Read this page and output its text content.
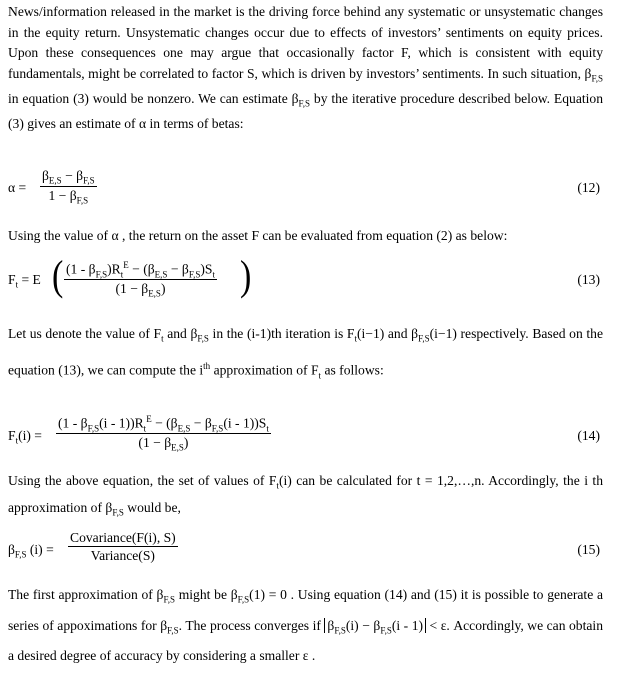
News/information released in the market is the driving force behind any systematic or unsystematic changes in the equity return. Unsystematic changes occur due to effects of investors’ sentiments on equity prices. Upon these consequences one may argue that occasionally factor F, which is consistent with equity fundamentals, might be correlated to factor S, which is driven by investors’ sentiments. In such situation, $\beta_{F,S}$ in equation (3) would be nonzero. We can estimate $\beta_{F,S}$ by the iterative procedure described below. Equation (3) gives an estimate of α in terms of betas:

$\alpha = \frac{\beta_{E,S} - \beta_{F,S}}{1 - \beta_{F,S}}$	(12)

Using the value of α , the return on the asset F can be evaluated from equation (2) as below:

$F_t = E$ ( $(1 - \beta_{F,S})R_t^E - (\beta_{E,S} - \beta_{F,S})S_t$
$(1 - \beta_{E,S})$	)	(13)

Let us denote the value of $F_t$ and $\beta_{F,S}$ in the (i-1)th iteration is $F_t(i-1)$ and $\beta_{F,S}(i-1)$ respectively. Based on the equation (13), we can compute the $i^{th}$ approximation of $F_t$ as follows:

$F_t(i)$ =
$(1 - \beta_{F,S}(i - 1))R_t^E - (\beta_{E,S} - \beta_{F,S}(i - 1))S_t$
$(1 - \beta_{E,S})$	(14)

Using the above equation, the set of values of $F_t(i)$ can be calculated for t = 1,2,…,n. Accordingly, the i th approximation of $\beta_{F,S}$ would be,

$\beta_{F,S}$ (i) =
Covariance(F(i), S)
Variance(S)	(15)

The first approximation of $\beta_{F,S}$ might be $\beta_{F,S}(1) = 0$ . Using equation (14) and (15) it is possible to generate a series of appoximations for $\beta_{F,S}$. The process converges if $\beta_{F,S}(i) - \beta_{F,S}(i - 1) < \varepsilon$. Accordingly, we can obtain a desired degree of accuracy by considering a smaller ε .
